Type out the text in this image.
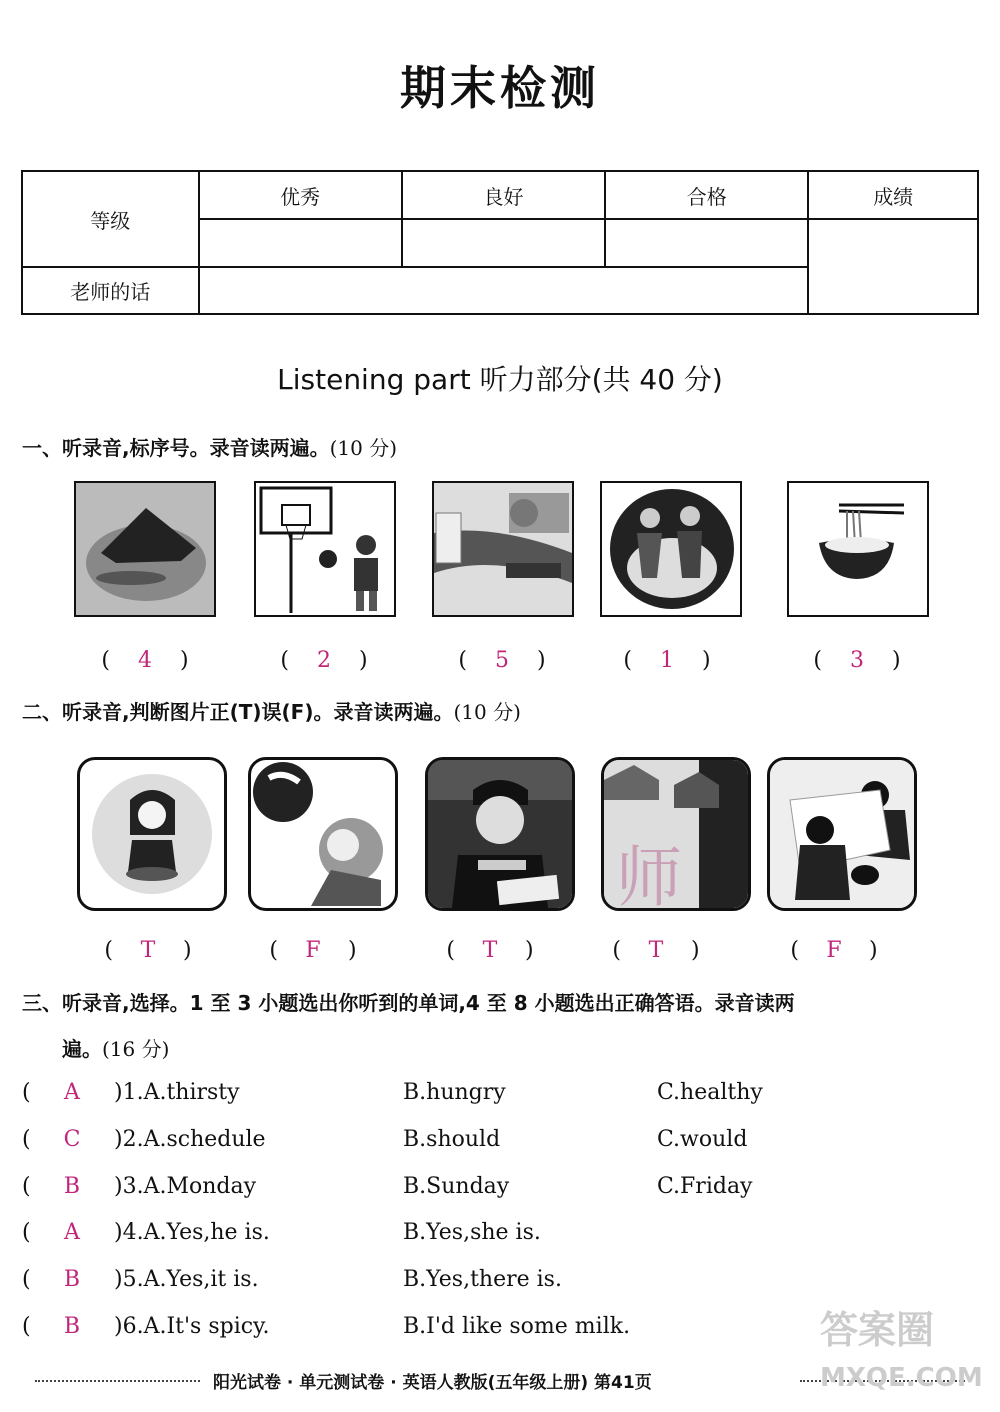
期末检测
等级	优秀	良好	合格	成绩

老师的话				
Listening part 听力部分(共 40 分)
一、听录音,标序号。录音读两遍。(10 分)
( 4 )	( 2 )	( 5 )	( 1 )	( 3 )
二、听录音,判断图片正(T)误(F)。录音读两遍。(10 分)
师
( T )	( F )	( T )	( T )	( F )
三、听录音,选择。1 至 3 小题选出你听到的单词,4 至 8 小题选出正确答语。录音读两
遍。(16 分)
( A )1.A.thirsty	B.hungry	C.healthy
( C )2.A.schedule	B.should	C.would
( B )3.A.Monday	B.Sunday	C.Friday
( A )4.A.Yes,he is.	B.Yes,she is.
( B )5.A.Yes,it is.	B.Yes,there is.
( B )6.A.It's spicy.	B.I'd like some milk.
阳光试卷 · 单元测试卷 · 英语人教版(五年级上册) 第41页
答案圈
MXQE.COM
